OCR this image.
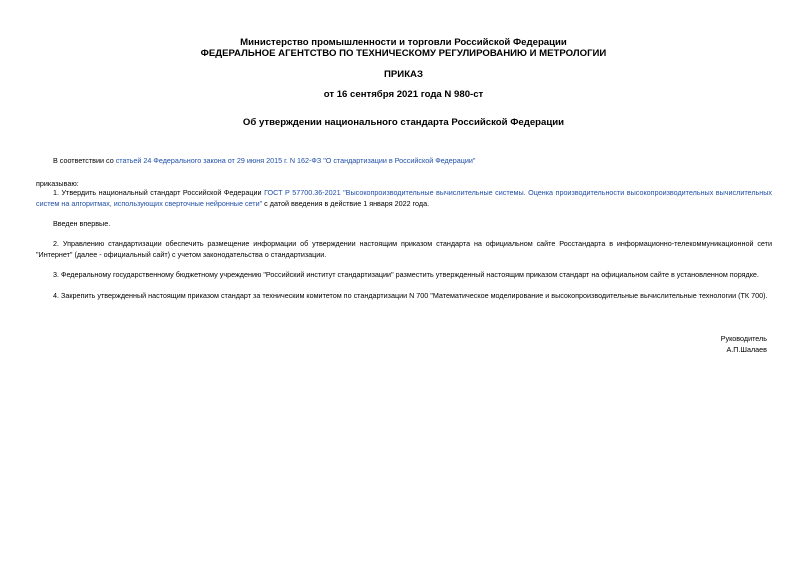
Министерство промышленности и торговли Российской Федерации
ФЕДЕРАЛЬНОЕ АГЕНТСТВО ПО ТЕХНИЧЕСКОМУ РЕГУЛИРОВАНИЮ И МЕТРОЛОГИИ
ПРИКАЗ
от 16 сентября 2021 года N 980-ст
Об утверждении национального стандарта Российской Федерации
В соответствии со статьей 24 Федерального закона от 29 июня 2015 г. N 162-ФЗ "О стандартизации в Российской Федерации"
приказываю:
1. Утвердить национальный стандарт Российской Федерации ГОСТ Р 57700.36-2021 "Высокопроизводительные вычислительные системы. Оценка производительности высокопроизводительных вычислительных систем на алгоритмах, использующих сверточные нейронные сети" с датой введения в действие 1 января 2022 года.
Введен впервые.
2. Управлению стандартизации обеспечить размещение информации об утверждении настоящим приказом стандарта на официальном сайте Росстандарта в информационно-телекоммуникационной сети "Интернет" (далее - официальный сайт) с учетом законодательства о стандартизации.
3. Федеральному государственному бюджетному учреждению "Российский институт стандартизации" разместить утвержденный настоящим приказом стандарт на официальном сайте в установленном порядке.
4. Закрепить утвержденный настоящим приказом стандарт за техническим комитетом по стандартизации N 700 "Математическое моделирование и высокопроизводительные вычислительные технологии (ТК 700).
Руководитель
А.П.Шалаев
